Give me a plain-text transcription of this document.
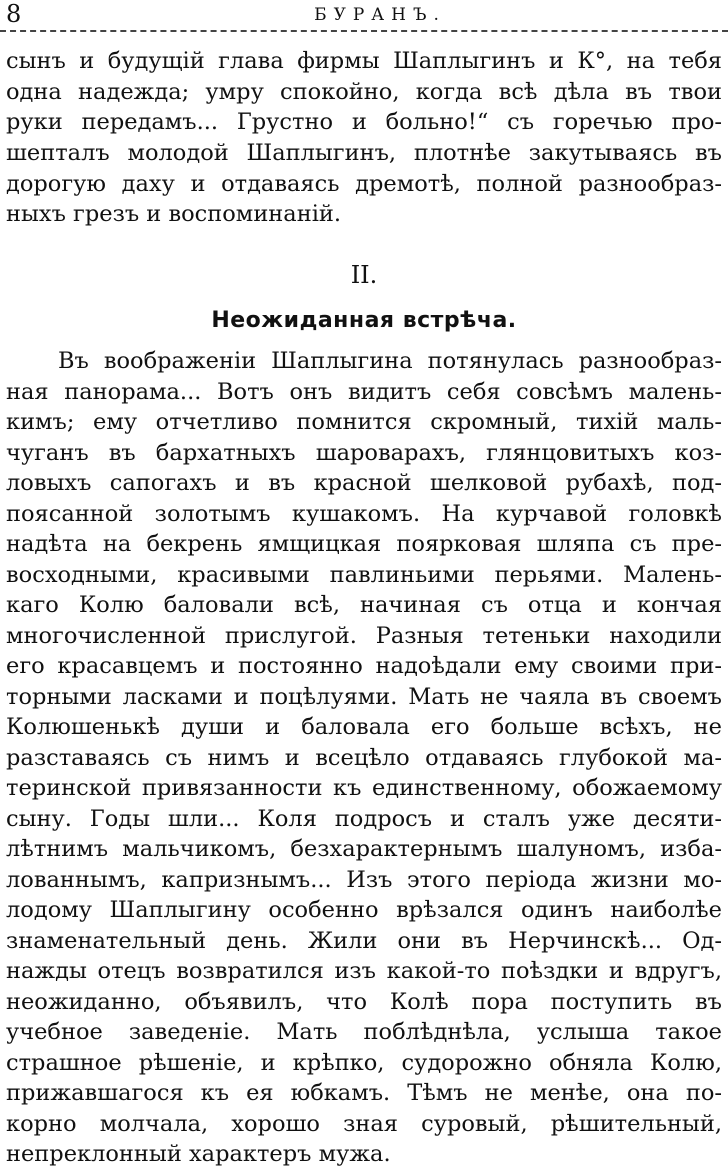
8	БУРАНЪ.
сынъ и будущій глава фирмы Шаплыгинъ и К°, на тебя
одна надежда; умру спокойно, когда всѣ дѣла въ твои
руки передамъ... Грустно и больно!“ съ горечью про-
шепталъ молодой Шаплыгинъ, плотнѣе закутываясь въ
дорогую даху и отдаваясь дремотѣ, полной разнообраз-
ныхъ грезъ и воспоминаній.
II.
Неожиданная встрѣча.
Въ воображеніи Шаплыгина потянулась разнообраз-
ная панорама... Вотъ онъ видитъ себя совсѣмъ малень-
кимъ; ему отчетливо помнится скромный, тихій маль-
чуганъ въ бархатныхъ шароварахъ, глянцовитыхъ коз-
ловыхъ сапогахъ и въ красной шелковой рубахѣ, под-
поясанной золотымъ кушакомъ. На курчавой головкѣ
надѣта на бекрень ямщицкая поярковая шляпа съ пре-
восходными, красивыми павлиньими перьями. Малень-
каго Колю баловали всѣ, начиная съ отца и кончая
многочисленной прислугой. Разныя тетеньки находили
его красавцемъ и постоянно надоѣдали ему своими при-
торными ласками и поцѣлуями. Мать не чаяла въ своемъ
Колюшенькѣ души и баловала его больше всѣхъ, не
разставаясь съ нимъ и всецѣло отдаваясь глубокой ма-
теринской привязанности къ единственному, обожаемому
сыну. Годы шли... Коля подросъ и сталъ уже десяти-
лѣтнимъ мальчикомъ, безхарактернымъ шалуномъ, изба-
лованнымъ, капризнымъ... Изъ этого періода жизни мо-
лодому Шаплыгину особенно врѣзался одинъ наиболѣе
знаменательный день. Жили они въ Нерчинскѣ... Од-
нажды отецъ возвратился изъ какой-то поѣздки и вдругъ,
неожиданно, объявилъ, что Колѣ пора поступить въ
учебное заведеніе. Мать поблѣднѣла, услыша такое
страшное рѣшеніе, и крѣпко, судорожно обняла Колю,
прижавшагося къ ея юбкамъ. Тѣмъ не менѣе, она по-
корно молчала, хорошо зная суровый, рѣшительный,
непреклонный характеръ мужа.
